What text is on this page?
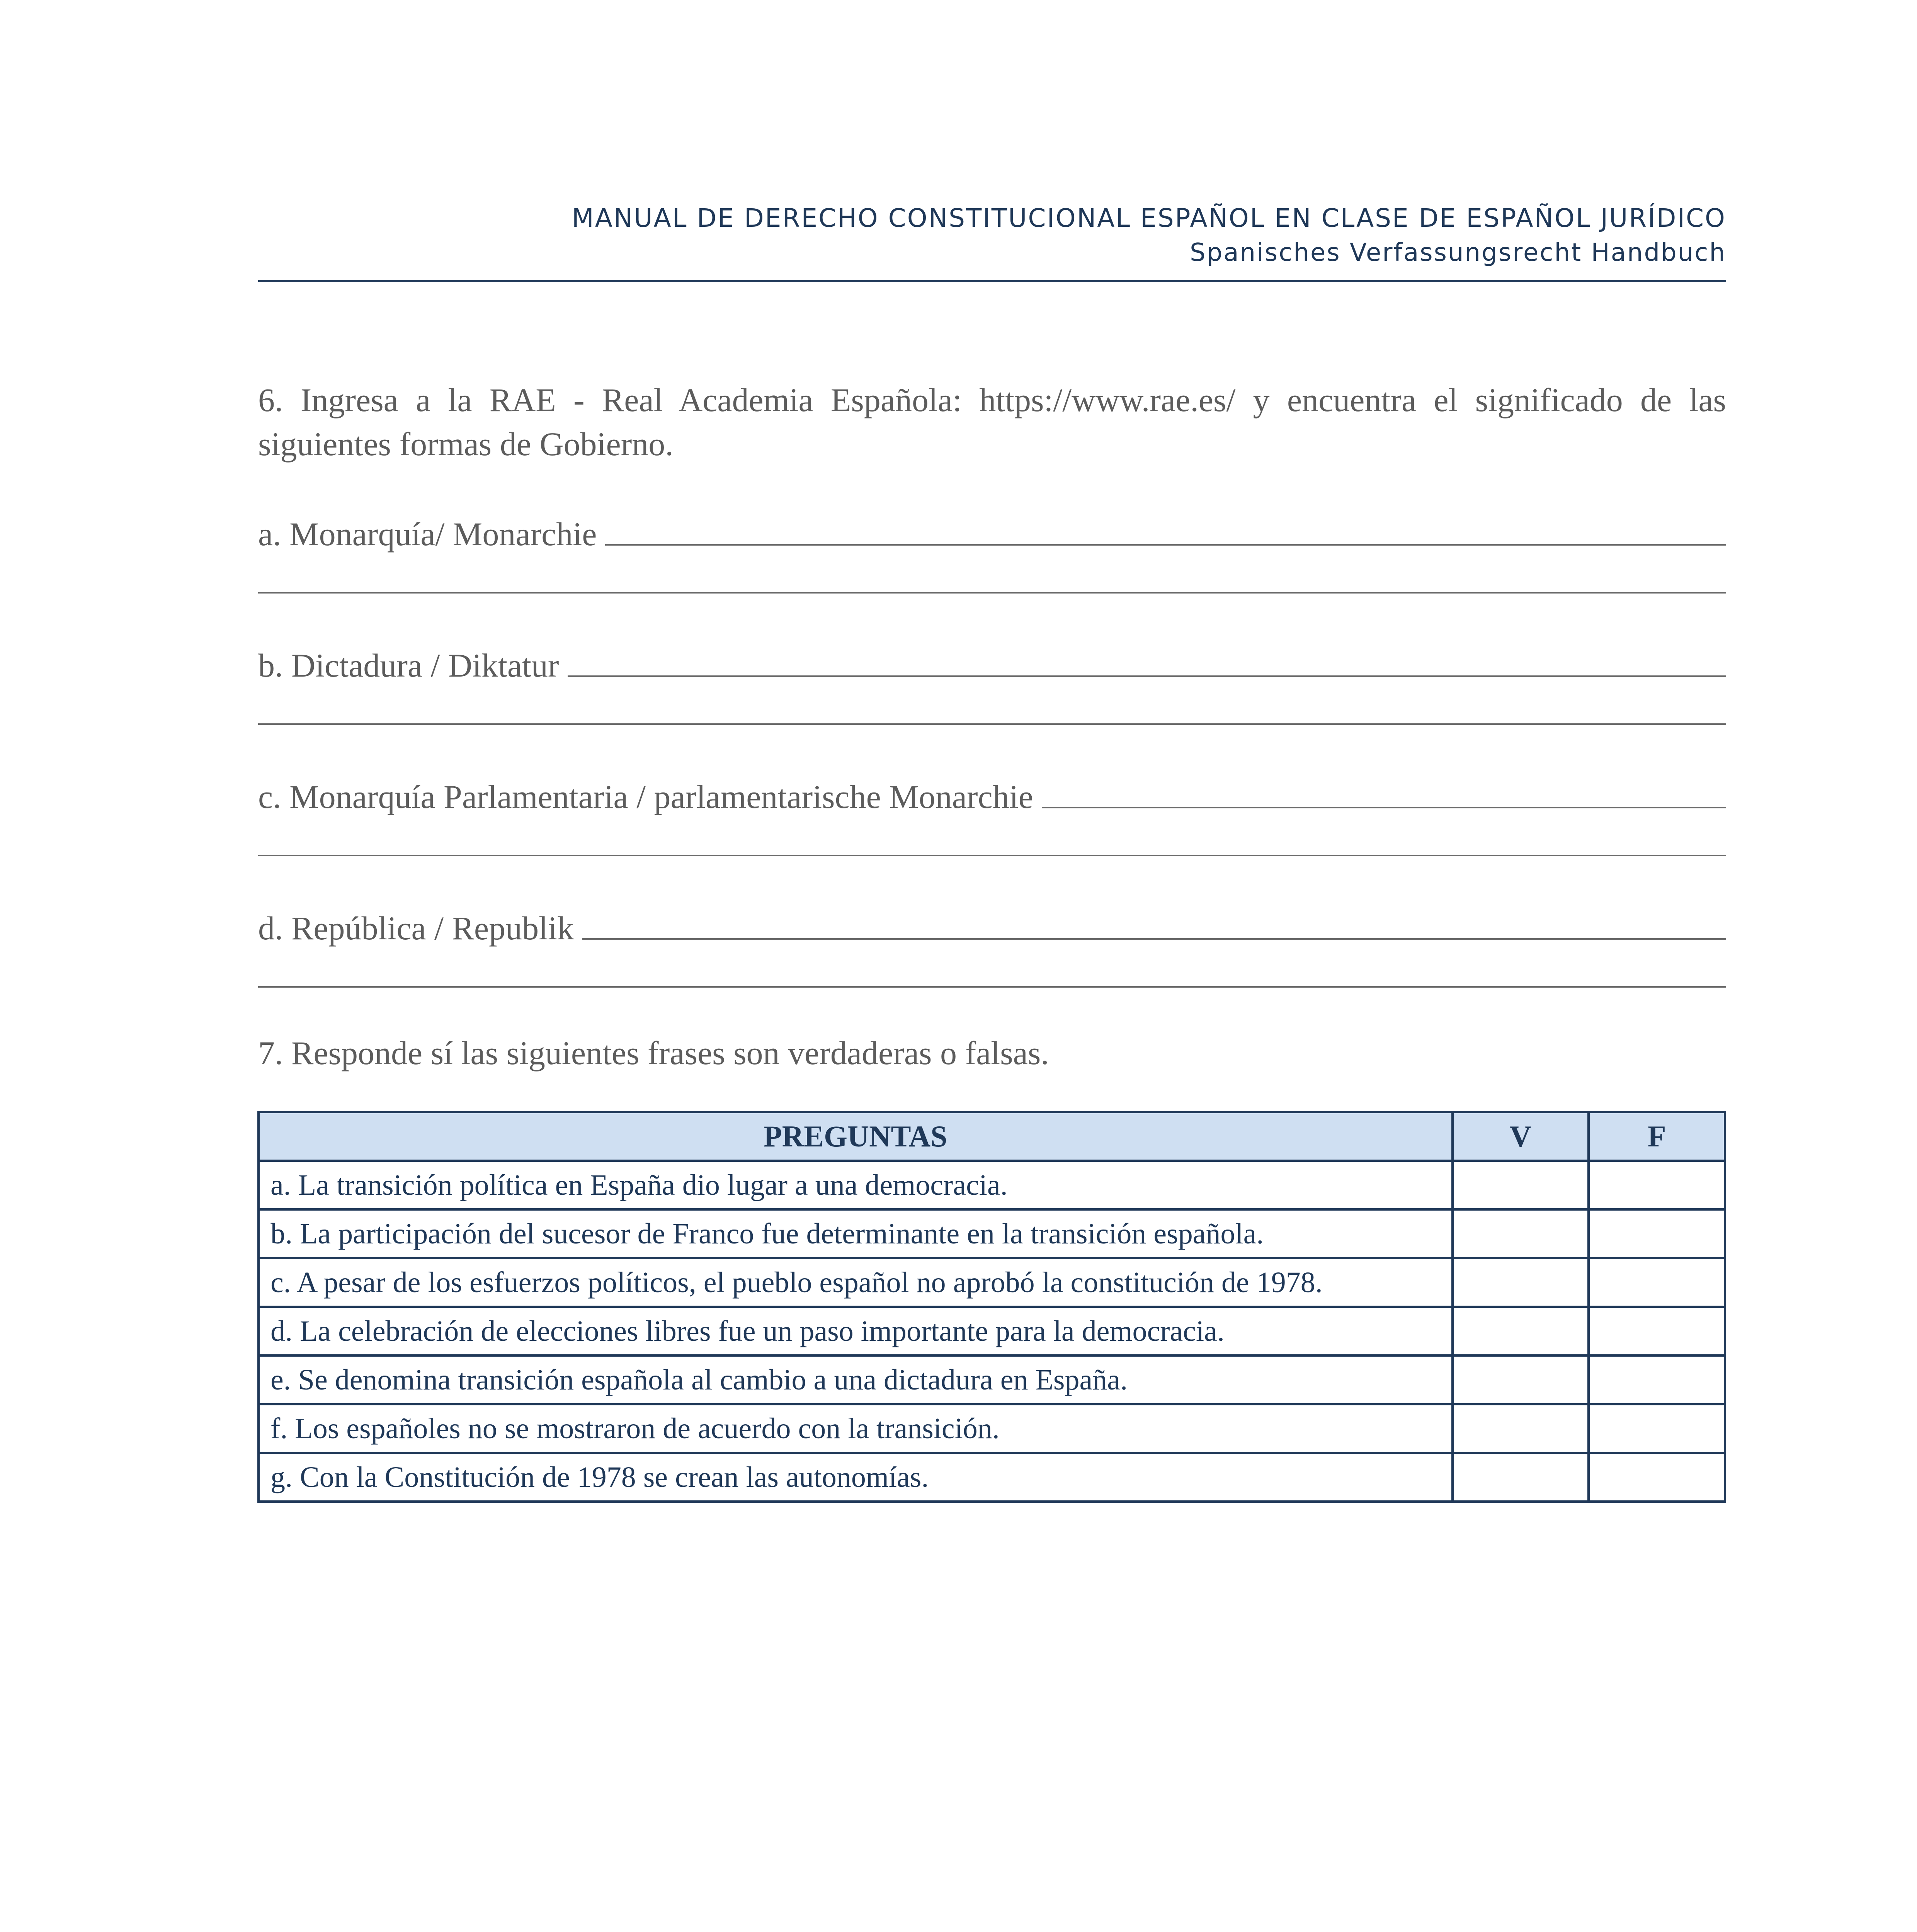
MANUAL DE DERECHO CONSTITUCIONAL ESPAÑOL EN CLASE DE ESPAÑOL JURÍDICO
Spanisches Verfassungsrecht Handbuch
6. Ingresa a la RAE - Real Academia Española: https://www.rae.es/ y encuentra el significado de las siguientes formas de Gobierno.
a. Monarquía/ Monarchie
b. Dictadura / Diktatur
c. Monarquía Parlamentaria / parlamentarische Monarchie
d. República / Republik
7. Responde sí las siguientes frases son verdaderas o falsas.
PREGUNTAS	V	F
a. La transición política en España dio lugar a una democracia.		
b. La participación del sucesor de Franco fue determinante en la transición española.		
c. A pesar de los esfuerzos políticos, el pueblo español no aprobó la constitución de 1978.		
d. La celebración de elecciones libres fue un paso importante para la democracia.		
e. Se denomina transición española al cambio a una dictadura en España.		
f. Los españoles no se mostraron de acuerdo con la transición.		
g. Con la Constitución de 1978 se crean las autonomías.		
